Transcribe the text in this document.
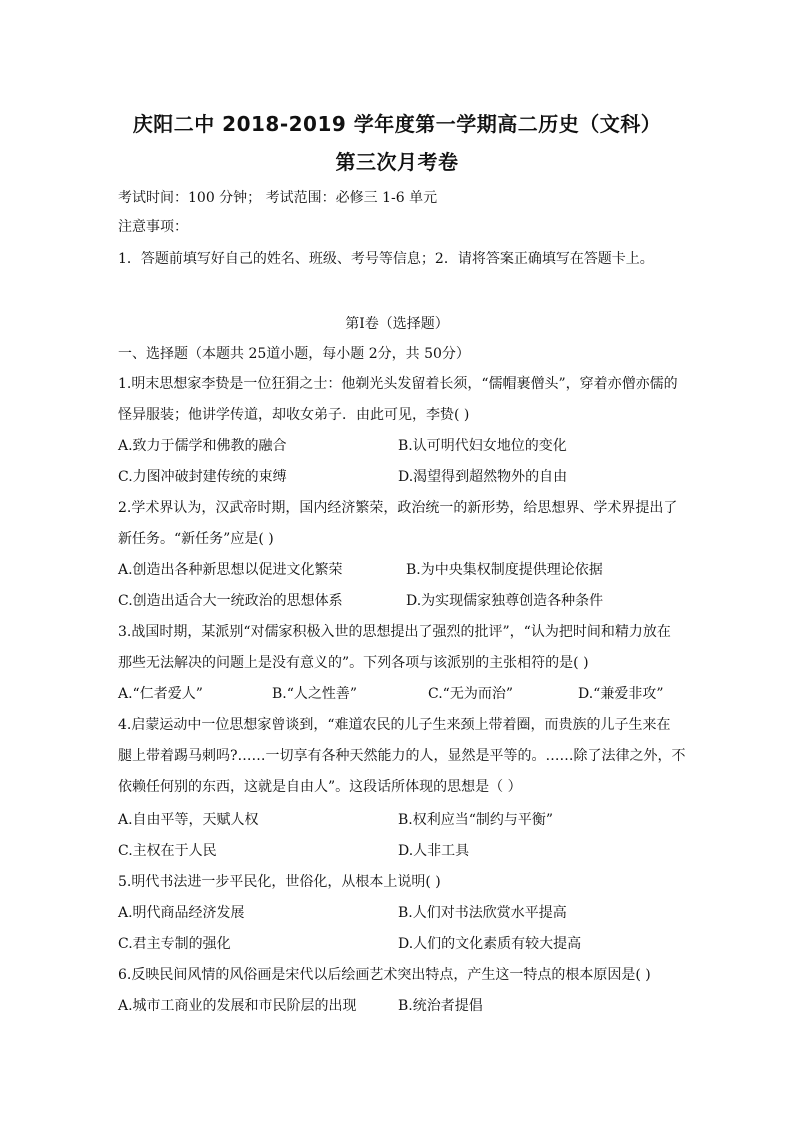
庆阳二中 2018-2019 学年度第一学期高二历史（文科）
第三次月考卷
考试时间：100 分钟； 考试范围：必修三 1-6 单元
注意事项：
1．答题前填写好自己的姓名、班级、考号等信息；2．请将答案正确填写在答题卡上。
第Ⅰ卷（选择题）
一、选择题（本题共 25道小题，每小题 2分，共 50分）
1.明末思想家李贽是一位狂狷之士：他剃光头发留着长须，“儒帽裹僧头”，穿着亦僧亦儒的
怪异服装；他讲学传道，却收女弟子．由此可见，李贽( )
A.致力于儒学和佛教的融合	B.认可明代妇女地位的变化
C.力图冲破封建传统的束缚	D.渴望得到超然物外的自由
2.学术界认为，汉武帝时期，国内经济繁荣，政治统一的新形势，给思想界、学术界提出了
新任务。“新任务”应是( )
A.创造出各种新思想以促进文化繁荣	B.为中央集权制度提供理论依据
C.创造出适合大一统政治的思想体系	D.为实现儒家独尊创造各种条件
3.战国时期，某派别“对儒家积极入世的思想提出了强烈的批评”，“认为把时间和精力放在
那些无法解决的问题上是没有意义的”。下列各项与该派别的主张相符的是( )
A.“仁者爱人”	B.“人之性善”	C.“无为而治”	D.“兼爱非攻”
4.启蒙运动中一位思想家曾谈到，“难道农民的儿子生来颈上带着圈，而贵族的儿子生来在
腿上带着踢马刺吗?……一切享有各种天然能力的人，显然是平等的。……除了法律之外，不
依赖任何别的东西，这就是自由人”。这段话所体现的思想是（ ）
A.自由平等，天赋人权	B.权利应当“制约与平衡”
C.主权在于人民	D.人非工具
5.明代书法进一步平民化，世俗化，从根本上说明( )
A.明代商品经济发展	B.人们对书法欣赏水平提高
C.君主专制的强化	D.人们的文化素质有较大提高
6.反映民间风情的风俗画是宋代以后绘画艺术突出特点，产生这一特点的根本原因是( )
A.城市工商业的发展和市民阶层的出现	B.统治者提倡
